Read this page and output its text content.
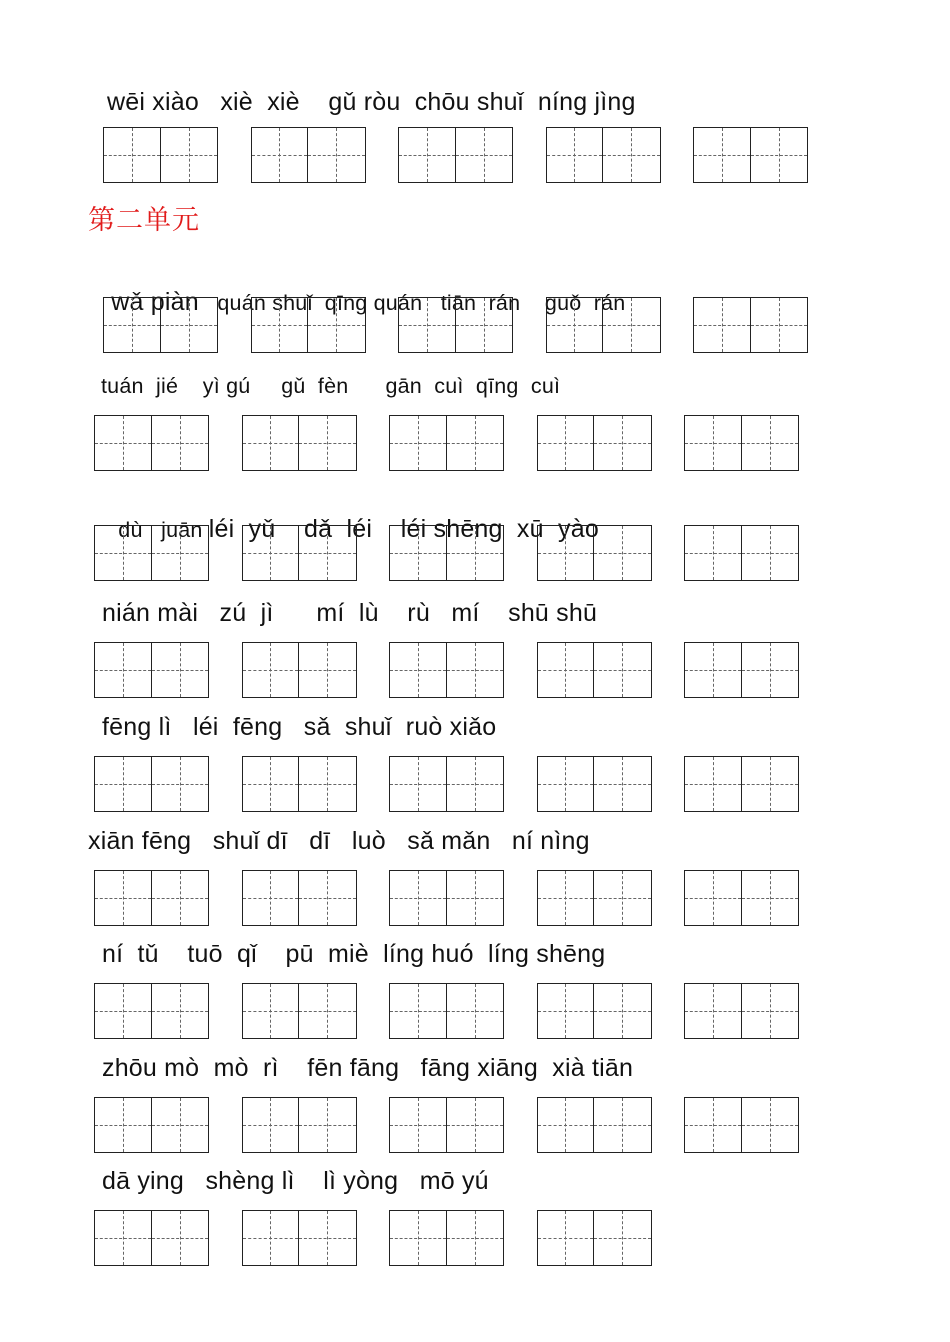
wēi xiào   xiè  xiè    gǔ ròu  chōu shuǐ  níng jìng
第二单元

wǎ piàn   quán shuǐ  qīng quán   tiān  rán    guǒ  rán

tuán  jié    yì gú     gǔ  fèn      gān  cuì  qīng  cuì

dù   juān léi  yǔ    dǎ  léi    léi shēng  xū  yào

nián mài   zú  jì      mí  lù    rù   mí    shū shū
fēng lì   léi  fēng   sǎ  shuǐ  ruò xiǎo
xiān fēng   shuǐ dī   dī   luò   sǎ mǎn   ní nìng
ní  tǔ    tuō  qǐ    pū  miè  líng huó  líng shēng
zhōu mò  mò  rì    fēn fāng   fāng xiāng  xià tiān
dā ying   shèng lì    lì yòng   mō yú
